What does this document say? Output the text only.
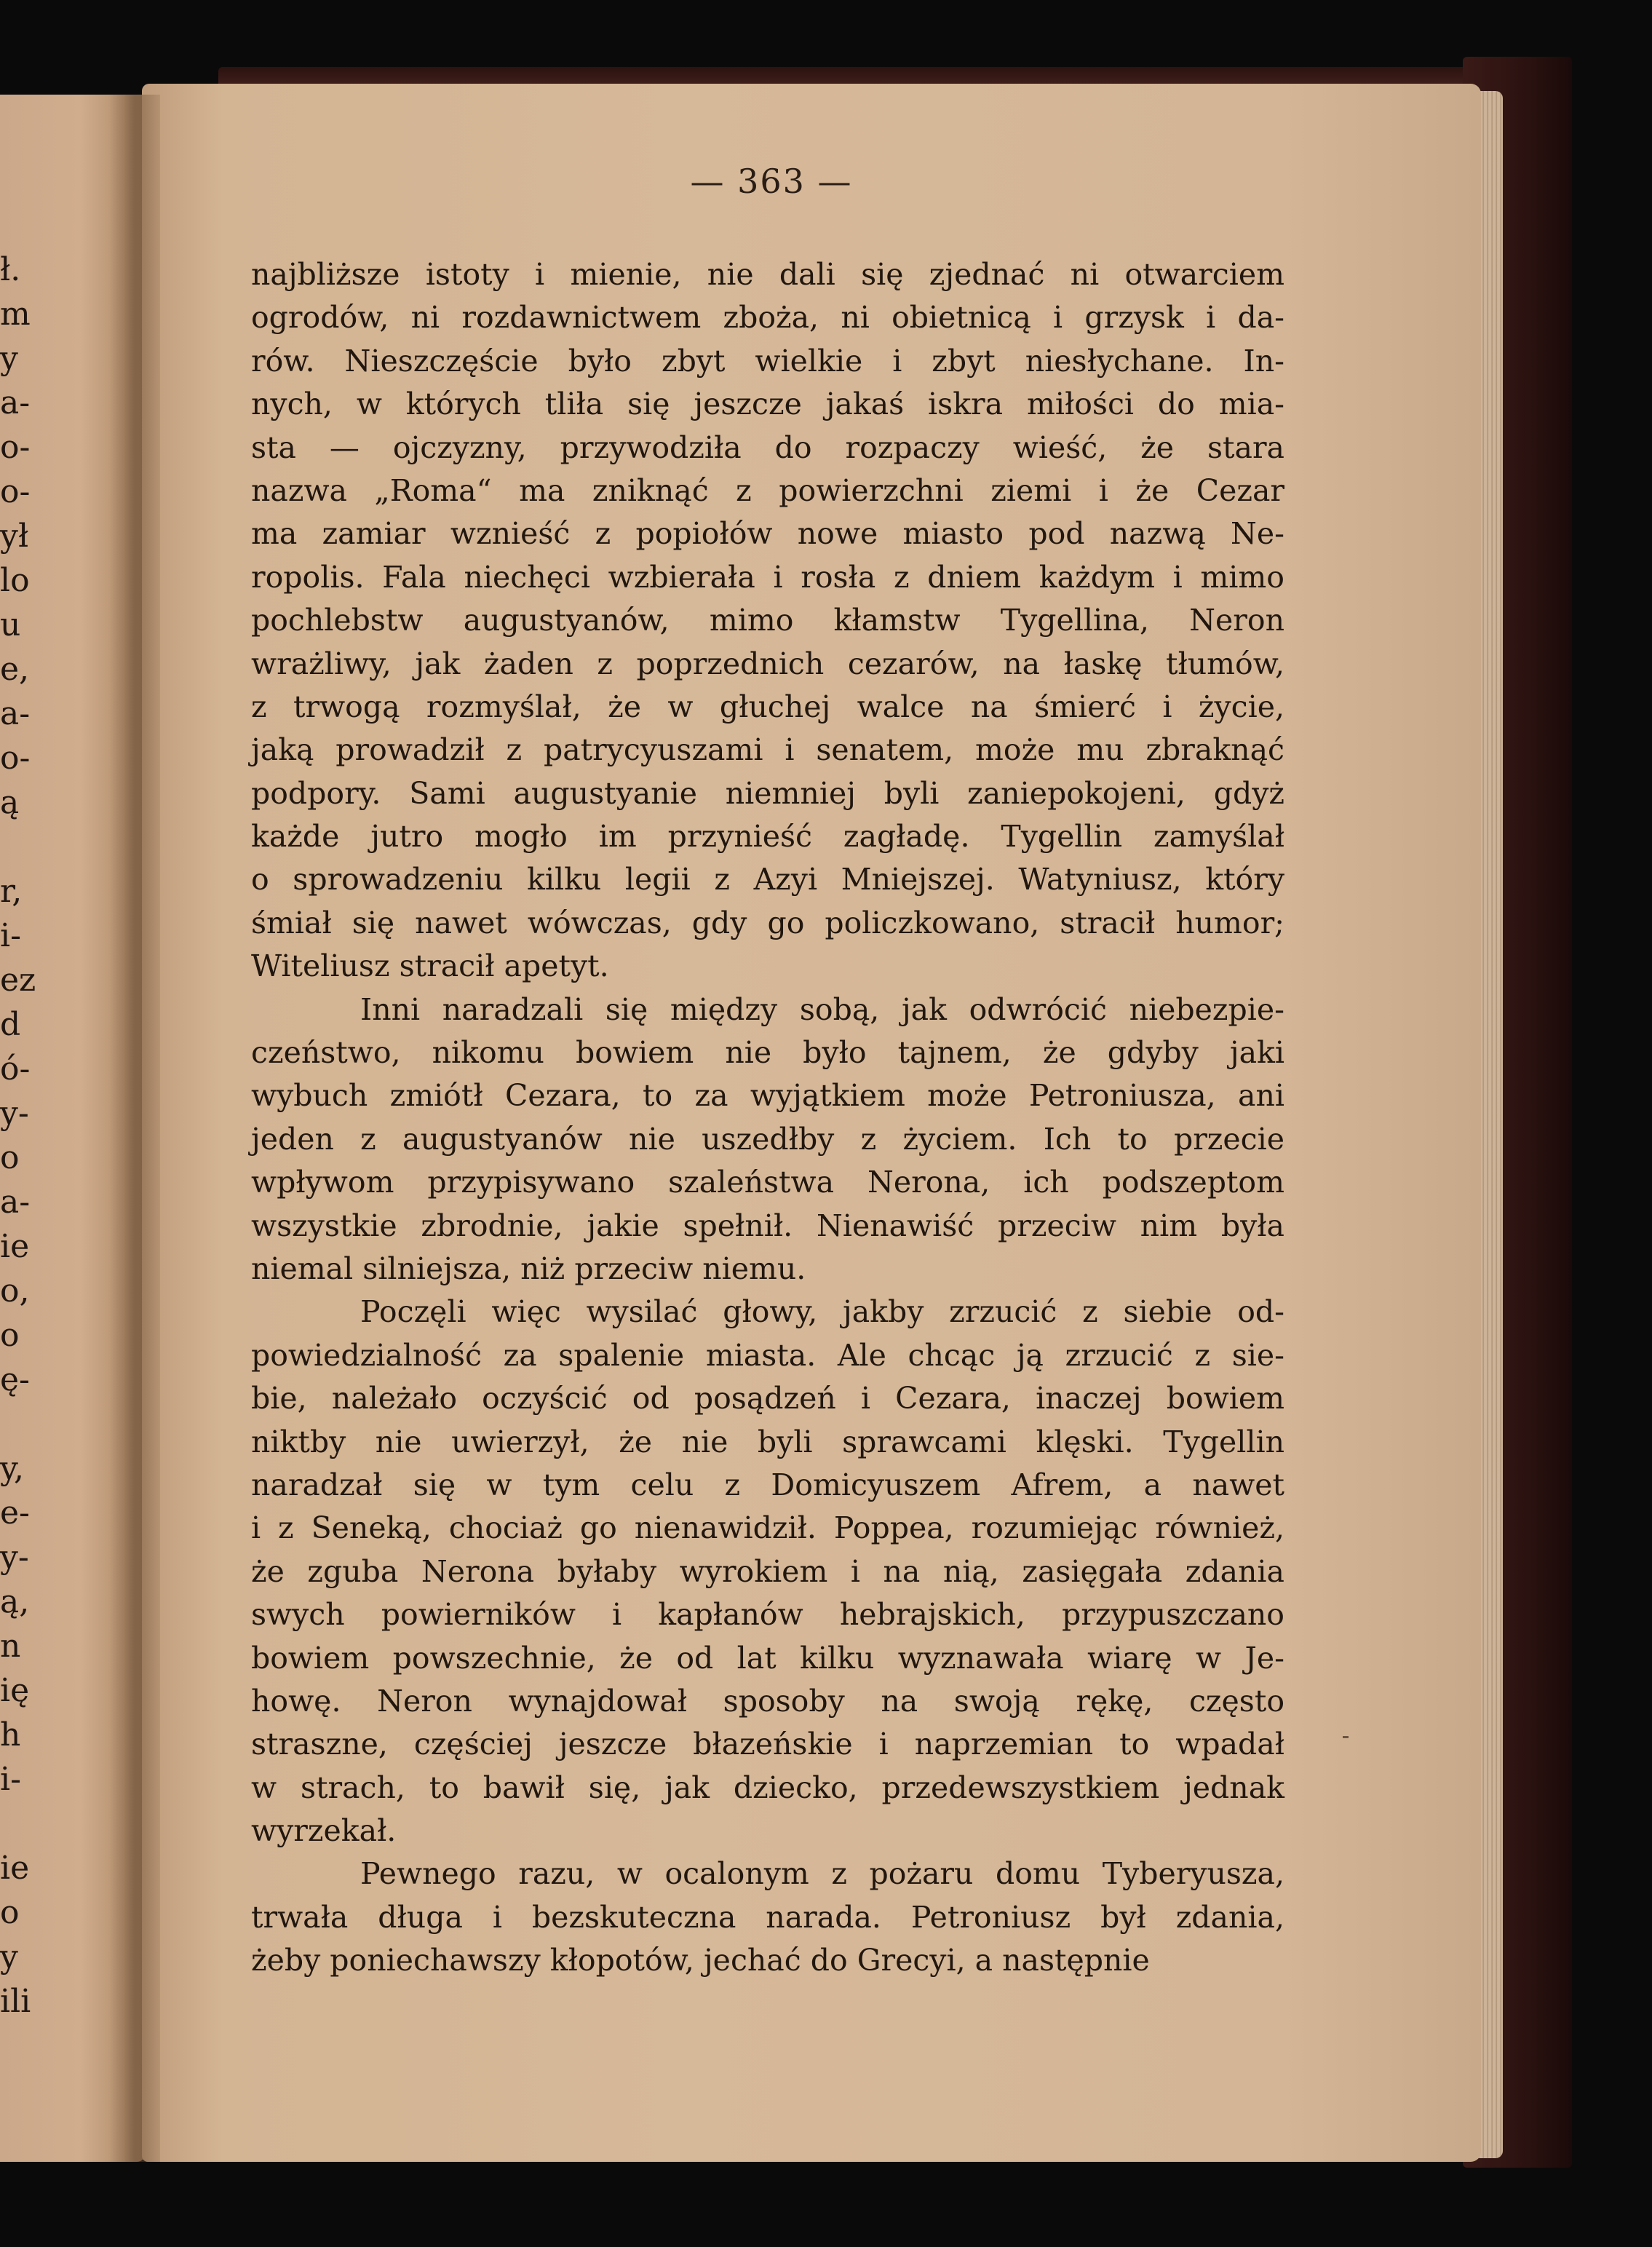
ł.
m
y
a-
o-
o-
ył
lo
u
e,
a-
o-
ą
r,
i-
ez
d
ó-
y-
o
a-
ie
o,
o
ę-
y,
e-
y-
ą,
n
ię
h
i-
ie
o
y
ili
— 363 —
najbliższe istoty i mienie, nie dali się zjednać ni otwarciem
ogrodów, ni rozdawnictwem zboża, ni obietnicą i grzysk i da-
rów. Nieszczęście było zbyt wielkie i zbyt niesłychane. In-
nych, w których tliła się jeszcze jakaś iskra miłości do mia-
sta — ojczyzny, przywodziła do rozpaczy wieść, że stara
nazwa „Roma“ ma zniknąć z powierzchni ziemi i że Cezar
ma zamiar wznieść z popiołów nowe miasto pod nazwą Ne-
ropolis. Fala niechęci wzbierała i rosła z dniem każdym i mimo
pochlebstw augustyanów, mimo kłamstw Tygellina, Neron
wrażliwy, jak żaden z poprzednich cezarów, na łaskę tłumów,
z trwogą rozmyślał, że w głuchej walce na śmierć i życie,
jaką prowadził z patrycyuszami i senatem, może mu zbraknąć
podpory. Sami augustyanie niemniej byli zaniepokojeni, gdyż
każde jutro mogło im przynieść zagładę. Tygellin zamyślał
o sprowadzeniu kilku legii z Azyi Mniejszej. Watyniusz, który
śmiał się nawet wówczas, gdy go policzkowano, stracił humor;
Witeliusz stracił apetyt.
Inni naradzali się między sobą, jak odwrócić niebezpie-
czeństwo, nikomu bowiem nie było tajnem, że gdyby jaki
wybuch zmiótł Cezara, to za wyjątkiem może Petroniusza, ani
jeden z augustyanów nie uszedłby z życiem. Ich to przecie
wpływom przypisywano szaleństwa Nerona, ich podszeptom
wszystkie zbrodnie, jakie spełnił. Nienawiść przeciw nim była
niemal silniejsza, niż przeciw niemu.
Poczęli więc wysilać głowy, jakby zrzucić z siebie od-
powiedzialność za spalenie miasta. Ale chcąc ją zrzucić z sie-
bie, należało oczyścić od posądzeń i Cezara, inaczej bowiem
niktby nie uwierzył, że nie byli sprawcami klęski. Tygellin
naradzał się w tym celu z Domicyuszem Afrem, a nawet
i z Seneką, chociaż go nienawidził. Poppea, rozumiejąc również,
że zguba Nerona byłaby wyrokiem i na nią, zasięgała zdania
swych powierników i kapłanów hebrajskich, przypuszczano
bowiem powszechnie, że od lat kilku wyznawała wiarę w Je-
howę. Neron wynajdował sposoby na swoją rękę, często
straszne, częściej jeszcze błazeńskie i naprzemian to wpadał
w strach, to bawił się, jak dziecko, przedewszystkiem jednak
wyrzekał.
Pewnego razu, w ocalonym z pożaru domu Tyberyusza,
trwała długa i bezskuteczna narada. Petroniusz był zdania,
żeby poniechawszy kłopotów, jechać do Grecyi, a następnie
